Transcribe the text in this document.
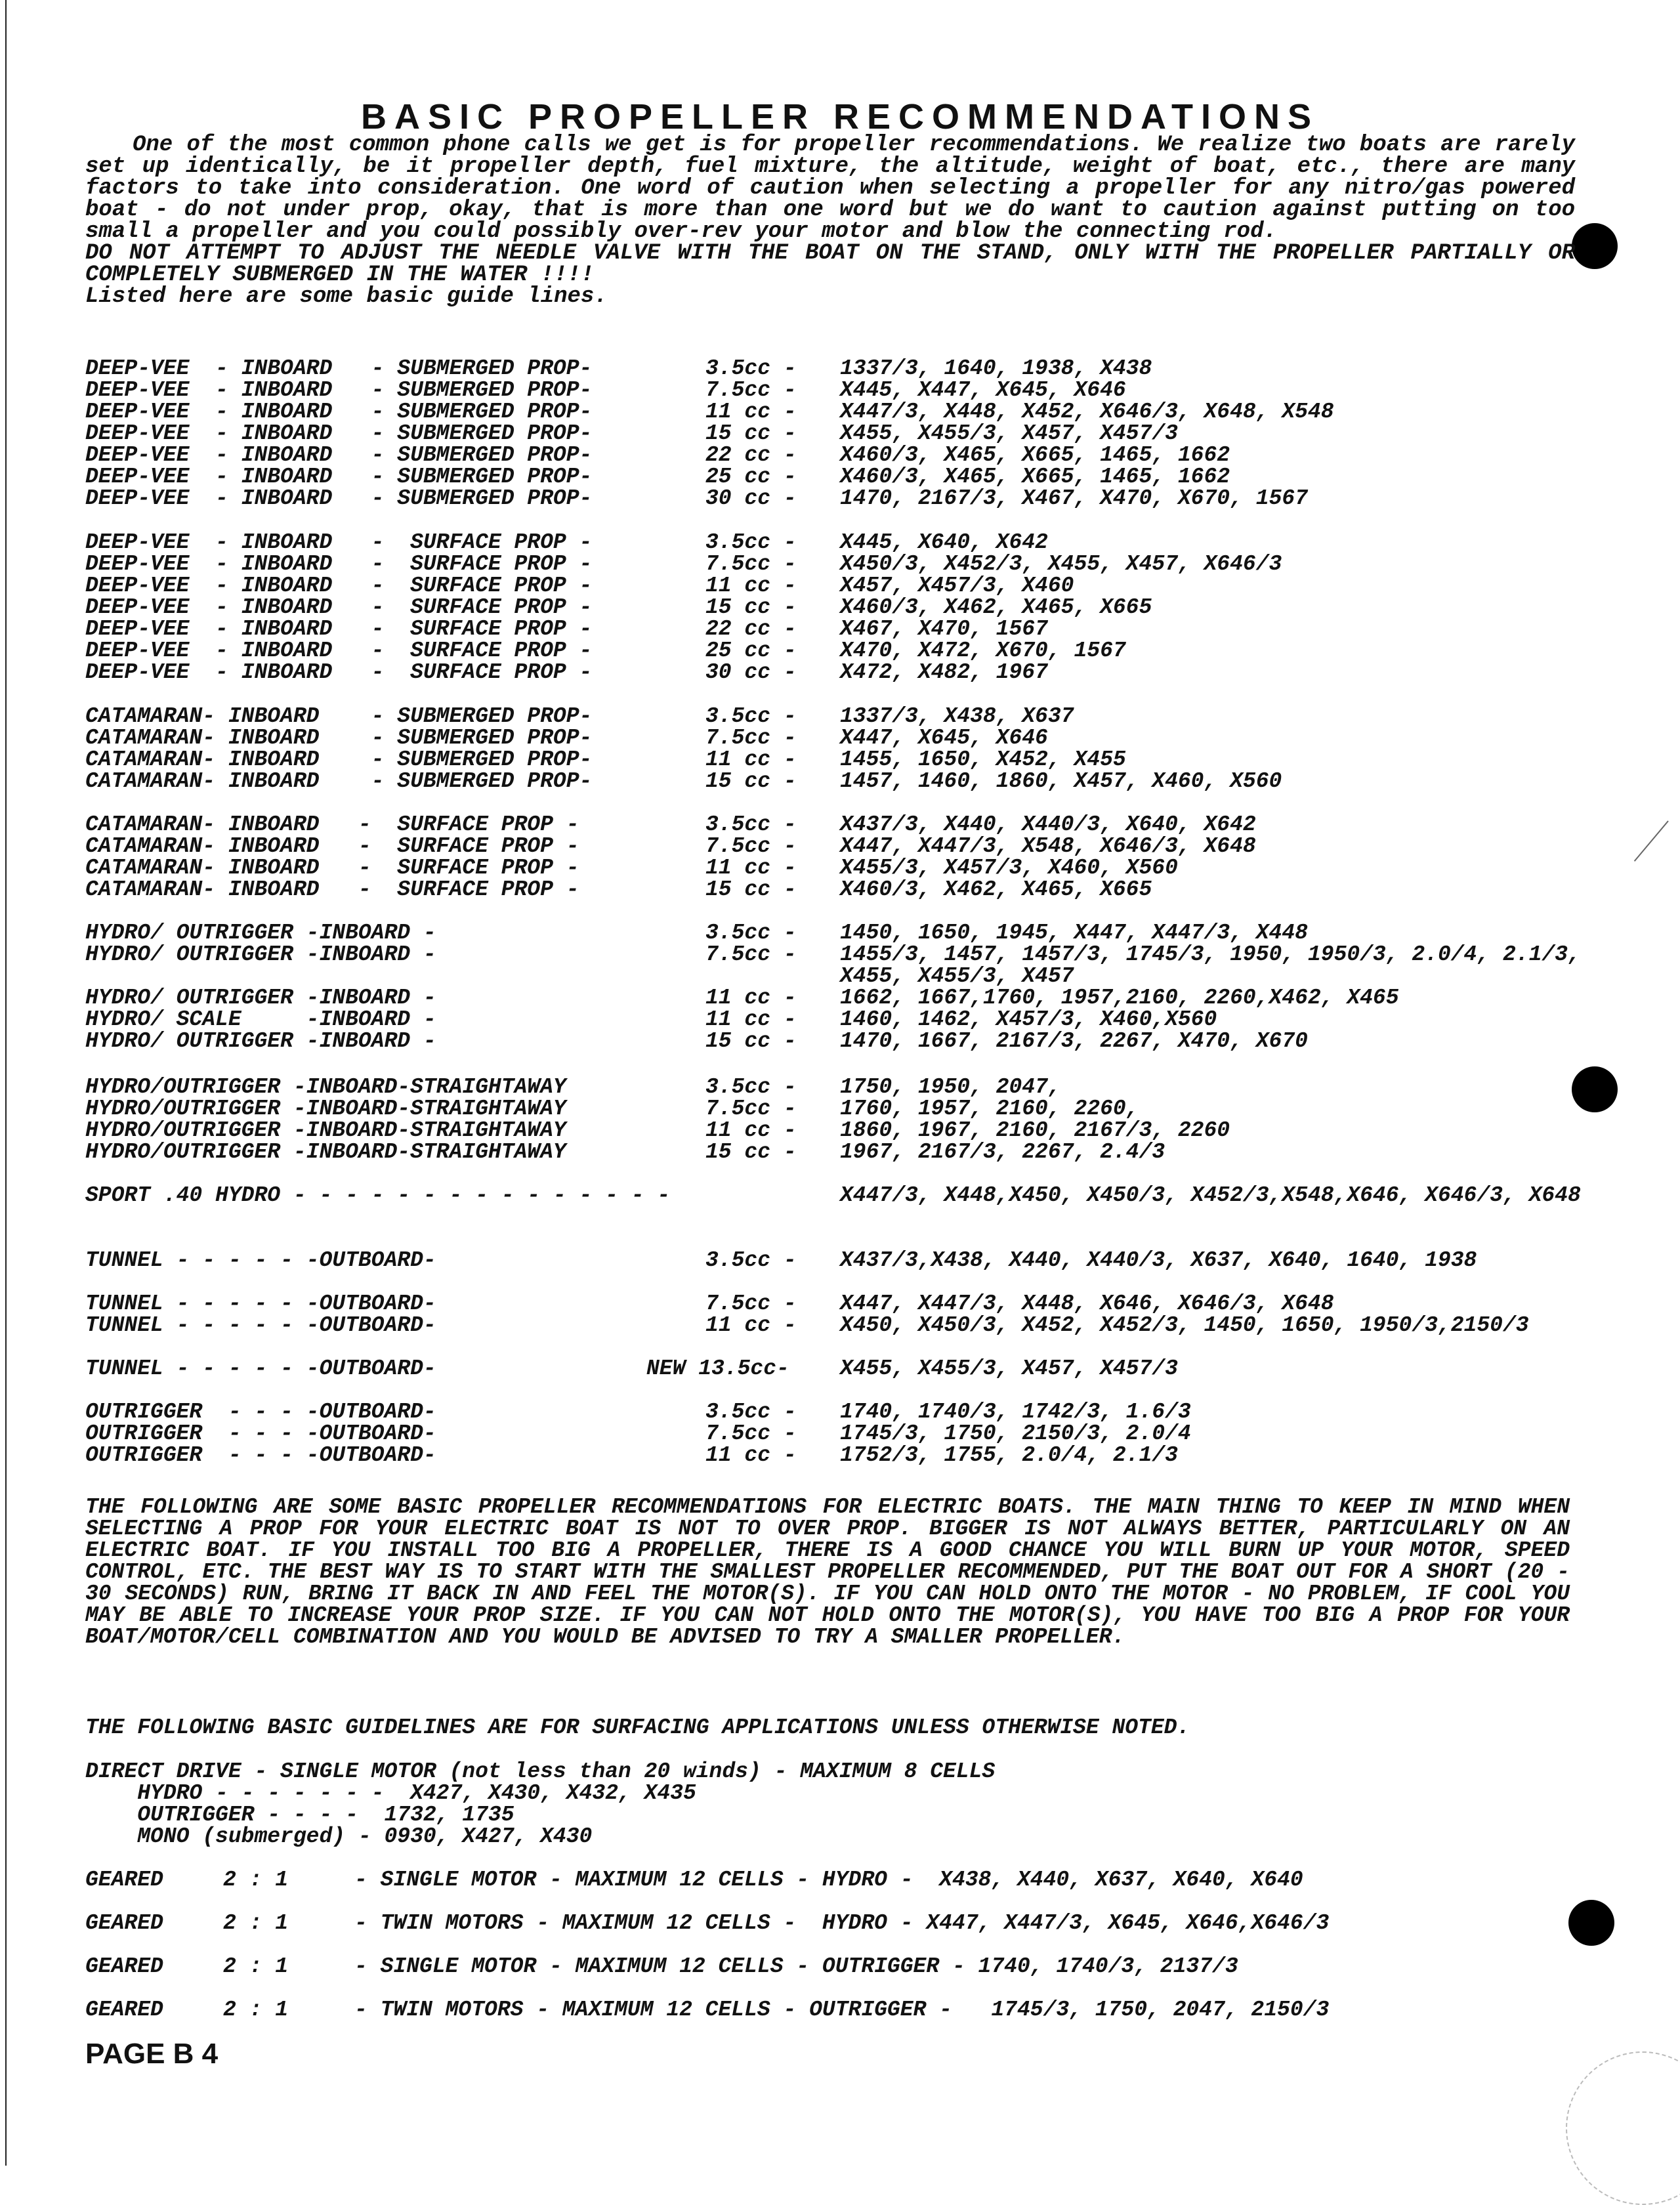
BASIC PROPELLER RECOMMENDATIONS
One of the most common phone calls we get is for propeller recommendations. We realize two boats are rarely set up identically, be it propeller depth, fuel mixture, the altitude, weight of boat, etc., there are many factors to take into consideration. One word of caution when selecting a propeller for any nitro/gas powered boat - do not under prop, okay, that is more than one word but we do want to caution against putting on too small a propeller and you could possibly over-rev your motor and blow the connecting rod.
DO NOT ATTEMPT TO ADJUST THE NEEDLE VALVE WITH THE BOAT ON THE STAND, ONLY WITH THE PROPELLER PARTIALLY OR COMPLETELY SUBMERGED IN THE WATER !!!!
Listed here are some basic guide lines.
DEEP-VEE  - INBOARD   - SUBMERGED PROP-	3.5cc - 1337/3, 1640, 1938, X438
DEEP-VEE  - INBOARD   - SUBMERGED PROP-	7.5cc - X445, X447, X645, X646
DEEP-VEE  - INBOARD   - SUBMERGED PROP-	11 cc - X447/3, X448, X452, X646/3, X648, X548
DEEP-VEE  - INBOARD   - SUBMERGED PROP-	15 cc - X455, X455/3, X457, X457/3
DEEP-VEE  - INBOARD   - SUBMERGED PROP-	22 cc - X460/3, X465, X665, 1465, 1662
DEEP-VEE  - INBOARD   - SUBMERGED PROP-	25 cc - X460/3, X465, X665, 1465, 1662
DEEP-VEE  - INBOARD   - SUBMERGED PROP-	30 cc - 1470, 2167/3, X467, X470, X670, 1567
DEEP-VEE  - INBOARD   -  SURFACE PROP -	3.5cc - X445, X640, X642
DEEP-VEE  - INBOARD   -  SURFACE PROP -	7.5cc - X450/3, X452/3, X455, X457, X646/3
DEEP-VEE  - INBOARD   -  SURFACE PROP -	11 cc - X457, X457/3, X460
DEEP-VEE  - INBOARD   -  SURFACE PROP -	15 cc - X460/3, X462, X465, X665
DEEP-VEE  - INBOARD   -  SURFACE PROP -	22 cc - X467, X470, 1567
DEEP-VEE  - INBOARD   -  SURFACE PROP -	25 cc - X470, X472, X670, 1567
DEEP-VEE  - INBOARD   -  SURFACE PROP -	30 cc - X472, X482, 1967
CATAMARAN- INBOARD    - SUBMERGED PROP-	3.5cc - 1337/3, X438, X637
CATAMARAN- INBOARD    - SUBMERGED PROP-	7.5cc - X447, X645, X646
CATAMARAN- INBOARD    - SUBMERGED PROP-	11 cc - 1455, 1650, X452, X455
CATAMARAN- INBOARD    - SUBMERGED PROP-	15 cc - 1457, 1460, 1860, X457, X460, X560
CATAMARAN- INBOARD   -  SURFACE PROP -	3.5cc - X437/3, X440, X440/3, X640, X642
CATAMARAN- INBOARD   -  SURFACE PROP -	7.5cc - X447, X447/3, X548, X646/3, X648
CATAMARAN- INBOARD   -  SURFACE PROP -	11 cc - X455/3, X457/3, X460, X560
CATAMARAN- INBOARD   -  SURFACE PROP -	15 cc - X460/3, X462, X465, X665
HYDRO/ OUTRIGGER -INBOARD -	3.5cc - 1450, 1650, 1945, X447, X447/3, X448
HYDRO/ OUTRIGGER -INBOARD -	7.5cc - 1455/3, 1457, 1457/3, 1745/3, 1950, 1950/3, 2.0/4, 2.1/3, X455, X455/3, X457
HYDRO/ OUTRIGGER -INBOARD -	11 cc - 1662, 1667,1760, 1957,2160, 2260,X462, X465
HYDRO/ SCALE     -INBOARD -	11 cc - 1460, 1462, X457/3, X460,X560
HYDRO/ OUTRIGGER -INBOARD -	15 cc - 1470, 1667, 2167/3, 2267, X470, X670
HYDRO/OUTRIGGER -INBOARD-STRAIGHTAWAY	3.5cc - 1750, 1950, 2047,
HYDRO/OUTRIGGER -INBOARD-STRAIGHTAWAY	7.5cc - 1760, 1957, 2160, 2260,
HYDRO/OUTRIGGER -INBOARD-STRAIGHTAWAY	11 cc - 1860, 1967, 2160, 2167/3, 2260
HYDRO/OUTRIGGER -INBOARD-STRAIGHTAWAY	15 cc - 1967, 2167/3, 2267, 2.4/3
SPORT .40 HYDRO - - - - - - - - - - - - - - -	X447/3, X448,X450, X450/3, X452/3,X548,X646, X646/3, X648
TUNNEL - - - - - -OUTBOARD-	3.5cc - X437/3,X438, X440, X440/3, X637, X640, 1640, 1938
TUNNEL - - - - - -OUTBOARD-	7.5cc - X447, X447/3, X448, X646, X646/3, X648
TUNNEL - - - - - -OUTBOARD-	11 cc - X450, X450/3, X452, X452/3, 1450, 1650, 1950/3,2150/3
TUNNEL - - - - - -OUTBOARD-	NEW 13.5cc- X455, X455/3, X457, X457/3
OUTRIGGER  - - - -OUTBOARD-	3.5cc - 1740, 1740/3, 1742/3, 1.6/3
OUTRIGGER  - - - -OUTBOARD-	7.5cc - 1745/3, 1750, 2150/3, 2.0/4
OUTRIGGER  - - - -OUTBOARD-	11 cc - 1752/3, 1755, 2.0/4, 2.1/3
THE FOLLOWING ARE SOME BASIC PROPELLER RECOMMENDATIONS FOR ELECTRIC BOATS. THE MAIN THING TO KEEP IN MIND WHEN SELECTING A PROP FOR YOUR ELECTRIC BOAT IS NOT TO OVER PROP. BIGGER IS NOT ALWAYS BETTER, PARTICULARLY ON AN ELECTRIC BOAT. IF YOU INSTALL TOO BIG A PROPELLER, THERE IS A GOOD CHANCE YOU WILL BURN UP YOUR MOTOR, SPEED CONTROL, ETC. THE BEST WAY IS TO START WITH THE SMALLEST PROPELLER RECOMMENDED, PUT THE BOAT OUT FOR A SHORT (20 - 30 SECONDS) RUN, BRING IT BACK IN AND FEEL THE MOTOR(S). IF YOU CAN HOLD ONTO THE MOTOR - NO PROBLEM, IF COOL YOU MAY BE ABLE TO INCREASE YOUR PROP SIZE. IF YOU CAN NOT HOLD ONTO THE MOTOR(S), YOU HAVE TOO BIG A PROP FOR YOUR BOAT/MOTOR/CELL COMBINATION AND YOU WOULD BE ADVISED TO TRY A SMALLER PROPELLER.
THE FOLLOWING BASIC GUIDELINES ARE FOR SURFACING APPLICATIONS UNLESS OTHERWISE NOTED.
DIRECT DRIVE - SINGLE MOTOR (not less than 20 winds) - MAXIMUM 8 CELLS
HYDRO - - - - - - -  X427, X430, X432, X435
OUTRIGGER - - - -  1732, 1735
MONO (submerged) - 0930, X427, X430
GEARED	2 : 1	- SINGLE MOTOR - MAXIMUM 12 CELLS - HYDRO -  X438, X440, X637, X640, X640
GEARED	2 : 1	- TWIN MOTORS - MAXIMUM 12 CELLS -  HYDRO - X447, X447/3, X645, X646,X646/3
GEARED	2 : 1	- SINGLE MOTOR - MAXIMUM 12 CELLS - OUTRIGGER - 1740, 1740/3, 2137/3
GEARED	2 : 1	- TWIN MOTORS - MAXIMUM 12 CELLS - OUTRIGGER -   1745/3, 1750, 2047, 2150/3
PAGE B 4
